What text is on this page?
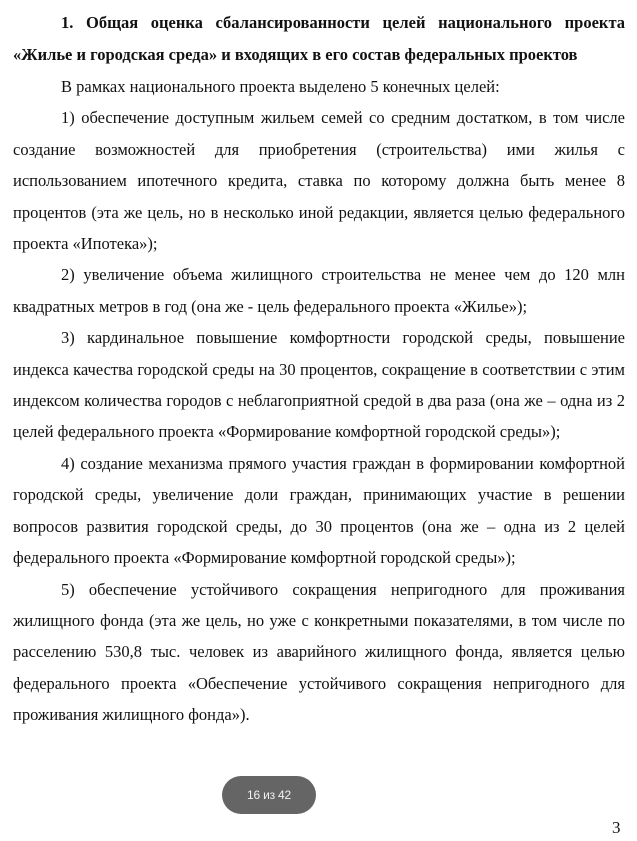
1. Общая оценка сбалансированности целей национального проекта «Жилье и городская среда» и входящих в его состав федеральных проектов

В рамках национального проекта выделено 5 конечных целей:

1) обеспечение доступным жильем семей со средним достатком, в том числе создание возможностей для приобретения (строительства) ими жилья с использованием ипотечного кредита, ставка по которому должна быть менее 8 процентов (эта же цель, но в несколько иной редакции, является целью федерального проекта «Ипотека»);

2) увеличение объема жилищного строительства не менее чем до 120 млн квадратных метров в год (она же - цель федерального проекта «Жилье»);

3) кардинальное повышение комфортности городской среды, повышение индекса качества городской среды на 30 процентов, сокращение в соответствии с этим индексом количества городов с неблагоприятной средой в два раза (она же – одна из 2 целей федерального проекта «Формирование комфортной городской среды»);

4) создание механизма прямого участия граждан в формировании комфортной городской среды, увеличение доли граждан, принимающих участие в решении вопросов развития городской среды, до 30 процентов (она же – одна из 2 целей федерального проекта «Формирование комфортной городской среды»);

5) обеспечение устойчивого сокращения непригодного для проживания жилищного фонда (эта же цель, но уже с конкретными показателями, в том числе по расселению 530,8 тыс. человек из аварийного жилищного фонда, является целью федерального проекта «Обеспечение устойчивого сокращения непригодного для проживания жилищного фонда»).

3
16 из 42
